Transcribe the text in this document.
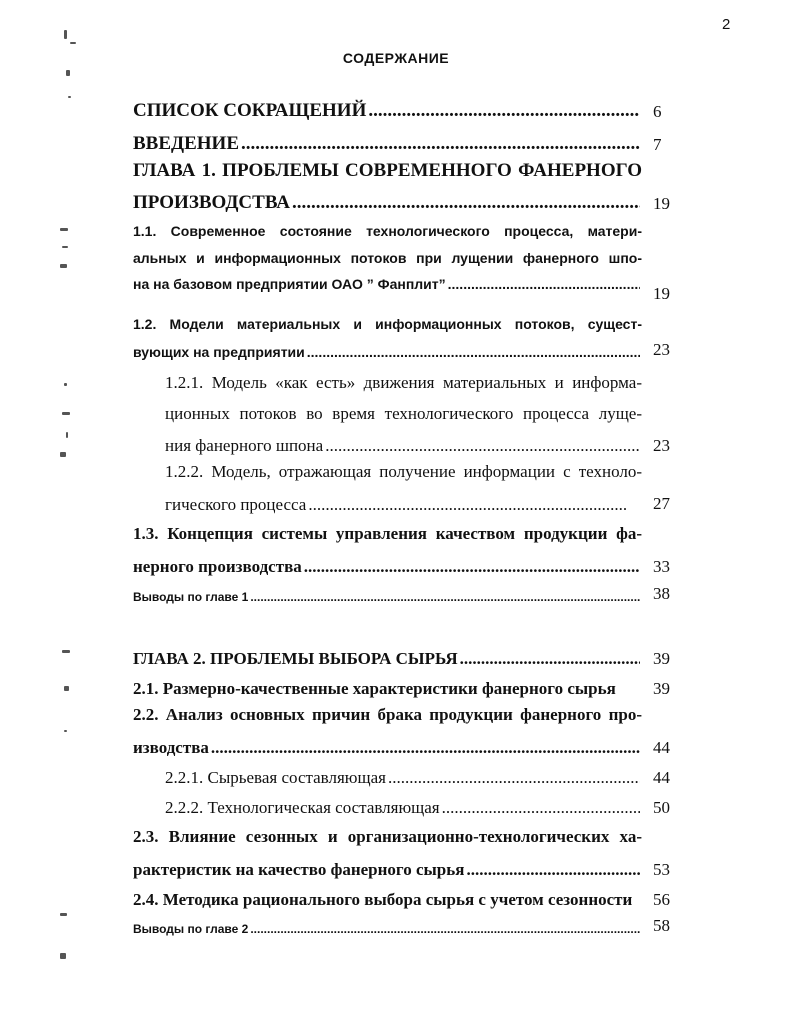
2
СОДЕРЖАНИЕ
СПИСОК СОКРАЩЕНИЙ .....	6
ВВЕДЕНИЕ .....	7
ГЛАВА 1. ПРОБЛЕМЫ СОВРЕМЕННОГО ФАНЕРНОГО
ПРОИЗВОДСТВА .....	19
1.1. Современное состояние технологического процесса, матери-
альных и информационных потоков при лущении фанерного шпо-
на на базовом предприятии ОАО ” Фанплит” .....	19
1.2. Модели материальных и информационных потоков, сущест-
вующих на предприятии .....	23
1.2.1. Модель «как есть» движения материальных и информа-
ционных потоков во время технологического процесса луще-
ния фанерного шпона .....	23
1.2.2. Модель, отражающая получение информации с техноло-
гического процесса .....	27
1.3. Концепция системы управления качеством продукции фа-
нерного производства .....	33
Выводы по главе 1 .....	38
ГЛАВА 2. ПРОБЛЕМЫ ВЫБОРА СЫРЬЯ .....	39
2.1. Размерно-качественные характеристики фанерного сырья 39
2.2. Анализ основных причин брака продукции фанерного про-
изводства .....	44
2.2.1. Сырьевая составляющая .....	44
2.2.2. Технологическая составляющая .....	50
2.3. Влияние сезонных и организационно-технологических ха-
рактеристик на качество фанерного сырья .....	53
2.4. Методика рационального выбора сырья с учетом сезонности 56
Выводы по главе 2 .....	58
